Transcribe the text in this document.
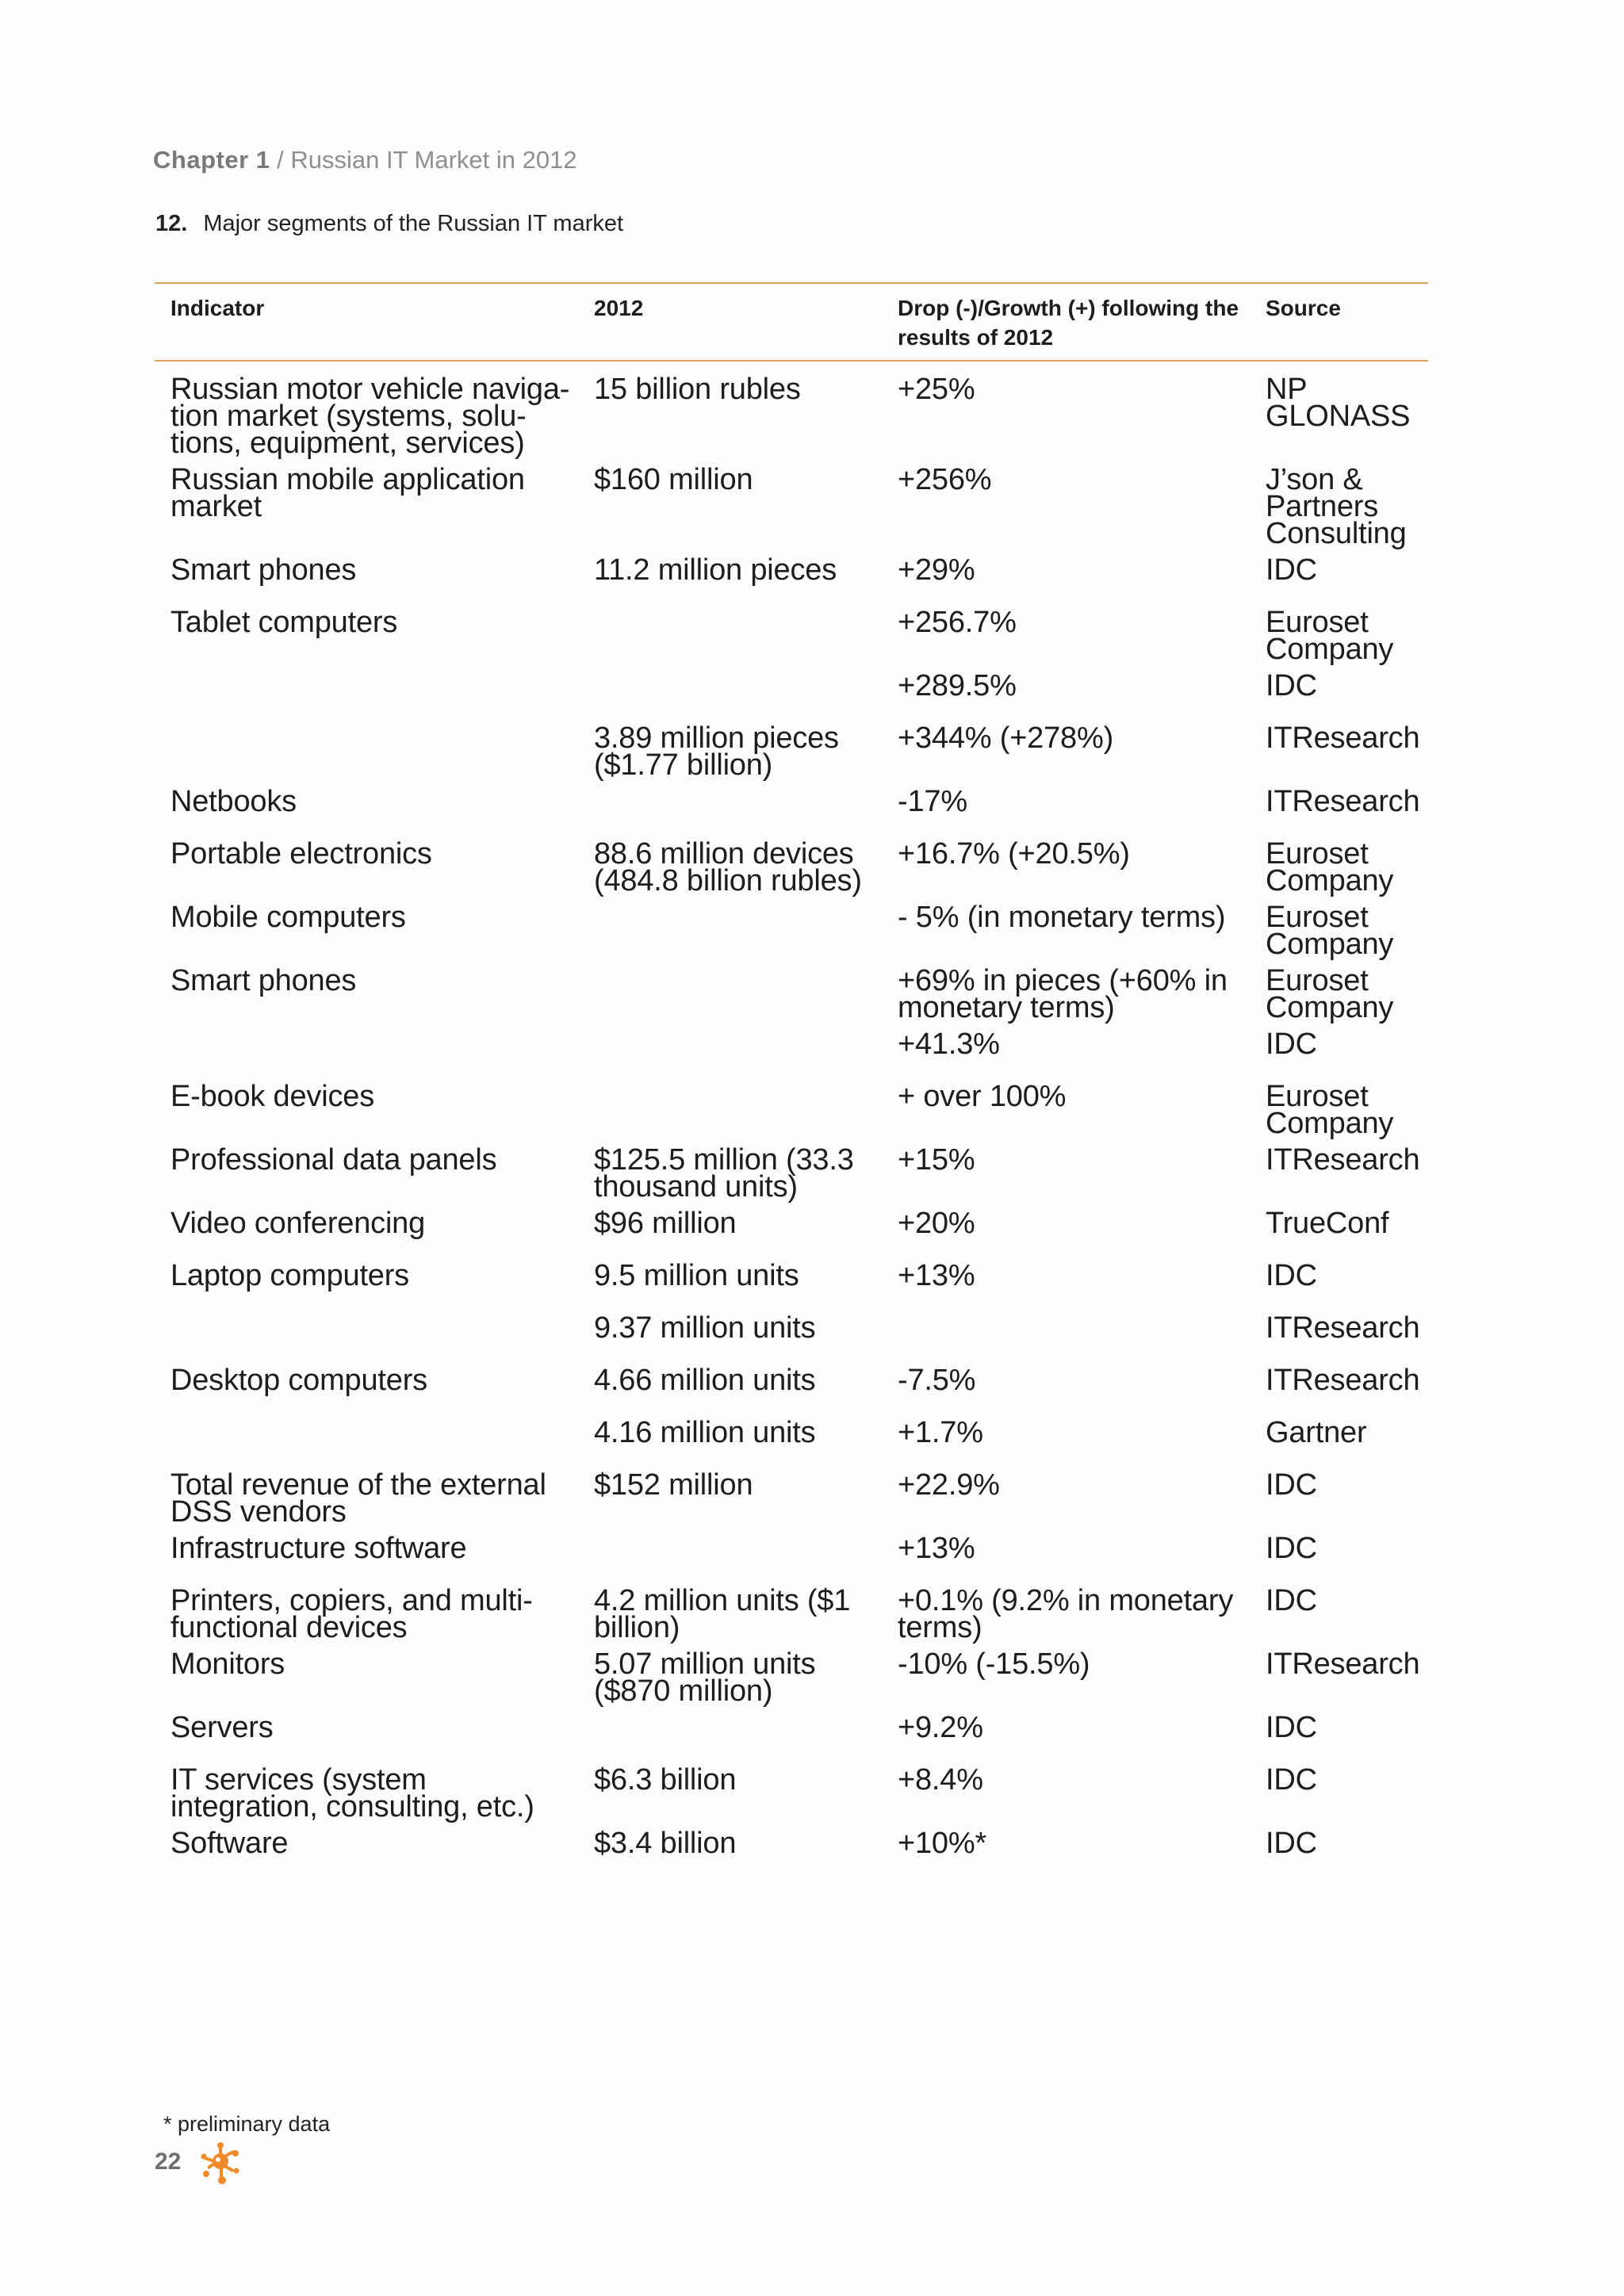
Chapter 1 / Russian IT Market in 2012
12. Major segments of the Russian IT market
Indicator	2012	Drop (-)/Growth (+) following the results of 2012	Source
Russian motor vehicle naviga-tion market (systems, solu-tions, equipment, services)	15 billion rubles	+25%	NP GLONASS
Russian mobile application market	$160 million	+256%	J’son & Partners Consulting
Smart phones	11.2 million pieces	+29%	IDC
Tablet computers		+256.7%	Euroset Company
		+289.5%	IDC
	3.89 million pieces ($1.77 billion)	+344% (+278%)	ITResearch
Netbooks		-17%	ITResearch
Portable electronics	88.6 million devices (484.8 billion rubles)	+16.7% (+20.5%)	Euroset Company
Mobile computers		- 5% (in monetary terms)	Euroset Company
Smart phones		+69% in pieces (+60% in monetary terms)	Euroset Company
		+41.3%	IDC
E-book devices		+ over 100%	Euroset Company
Professional data panels	$125.5 million (33.3 thousand units)	+15%	ITResearch
Video conferencing	$96 million	+20%	TrueConf
Laptop computers	9.5 million units	+13%	IDC
	9.37 million units		ITResearch
Desktop computers	4.66 million units	-7.5%	ITResearch
	4.16 million units	+1.7%	Gartner
Total revenue of the external DSS vendors	$152 million	+22.9%	IDC
Infrastructure software		+13%	IDC
Printers, copiers, and multi-functional devices	4.2 million units ($1 billion)	+0.1% (9.2% in monetary terms)	IDC
Monitors	5.07 million units ($870 million)	-10% (-15.5%)	ITResearch
Servers		+9.2%	IDC
IT services (system integration, consulting, etc.)	$6.3 billion	+8.4%	IDC
Software	$3.4 billion	+10%*	IDC
* preliminary data
22
